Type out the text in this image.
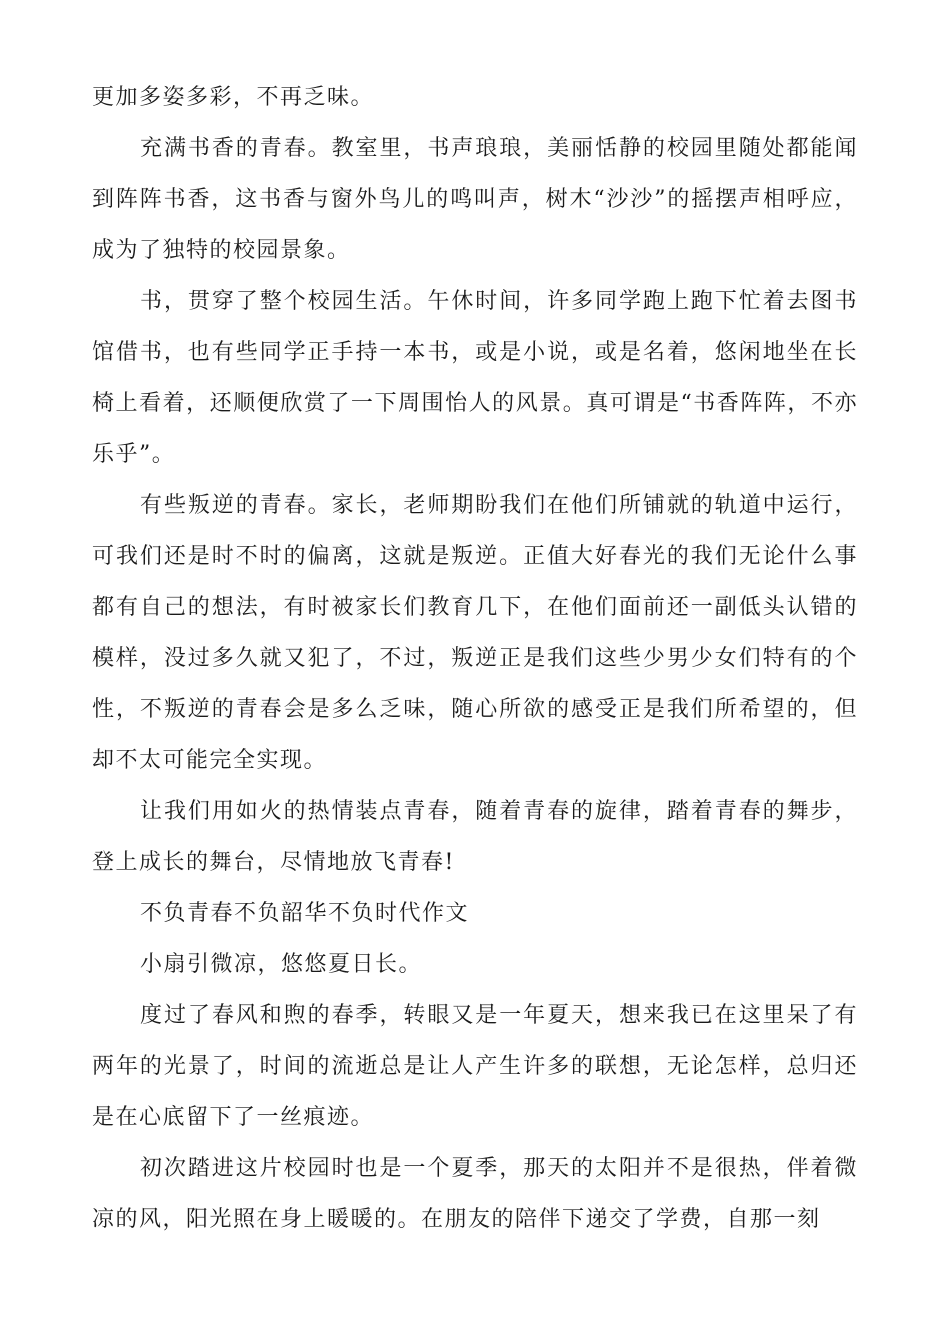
更加多姿多彩，不再乏味。

充满书香的青春。教室里，书声琅琅，美丽恬静的校园里随处都能闻到阵阵书香，这书香与窗外鸟儿的鸣叫声，树木“沙沙”的摇摆声相呼应，成为了独特的校园景象。

书，贯穿了整个校园生活。午休时间，许多同学跑上跑下忙着去图书馆借书，也有些同学正手持一本书，或是小说，或是名着，悠闲地坐在长椅上看着，还顺便欣赏了一下周围怡人的风景。真可谓是“书香阵阵，不亦乐乎”。

有些叛逆的青春。家长，老师期盼我们在他们所铺就的轨道中运行，可我们还是时不时的偏离，这就是叛逆。正值大好春光的我们无论什么事都有自己的想法，有时被家长们教育几下，在他们面前还一副低头认错的模样，没过多久就又犯了，不过，叛逆正是我们这些少男少女们特有的个性，不叛逆的青春会是多么乏味，随心所欲的感受正是我们所希望的，但却不太可能完全实现。

让我们用如火的热情装点青春，随着青春的旋律，踏着青春的舞步，登上成长的舞台，尽情地放飞青春!

不负青春不负韶华不负时代作文

小扇引微凉，悠悠夏日长。

度过了春风和煦的春季，转眼又是一年夏天，想来我已在这里呆了有两年的光景了，时间的流逝总是让人产生许多的联想，无论怎样，总归还是在心底留下了一丝痕迹。

初次踏进这片校园时也是一个夏季，那天的太阳并不是很热，伴着微凉的风，阳光照在身上暖暖的。在朋友的陪伴下递交了学费，自那一刻
